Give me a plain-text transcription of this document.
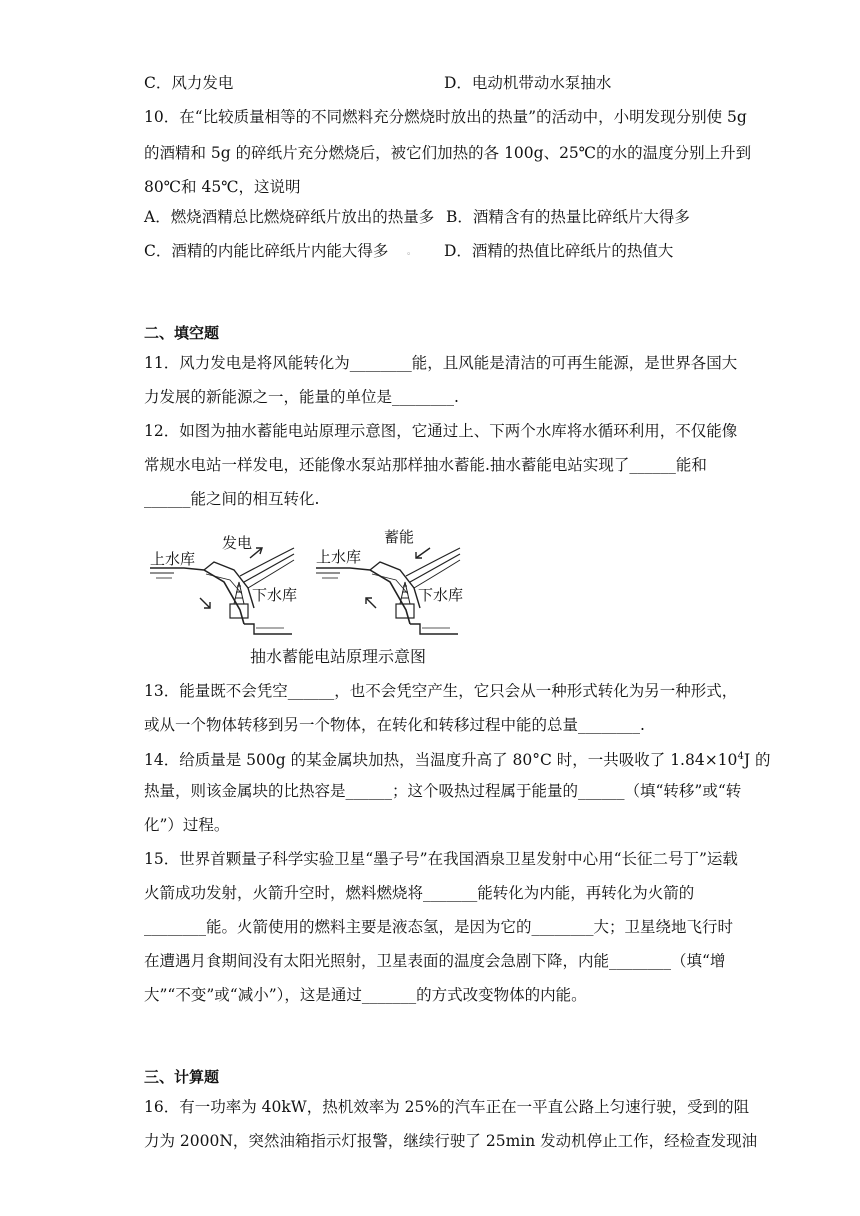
C．风力发电	D．电动机带动水泵抽水
10．在“比较质量相等的不同燃料充分燃烧时放出的热量”的活动中，小明发现分别使 5g
的酒精和 5g 的碎纸片充分燃烧后，被它们加热的各 100g、25℃的水的温度分别上升到
80℃和 45℃，这说明
A．燃烧酒精总比燃烧碎纸片放出的热量多 B．酒精含有的热量比碎纸片大得多
C．酒精的内能比碎纸片内能大得多 。 D．酒精的热值比碎纸片的热值大
二、填空题
11．风力发电是将风能转化为________能，且风能是清洁的可再生能源，是世界各国大
力发展的新能源之一，能量的单位是________.
12．如图为抽水蓄能电站原理示意图，它通过上、下两个水库将水循环利用，不仅能像
常规水电站一样发电，还能像水泵站那样抽水蓄能.抽水蓄能电站实现了______能和
______能之间的相互转化.
上水库
发电
下水库
上水库
蓄能
下水库
抽水蓄能电站原理示意图
13．能量既不会凭空______，也不会凭空产生，它只会从一种形式转化为另一种形式，
或从一个物体转移到另一个物体，在转化和转移过程中能的总量________.
14．给质量是 500g 的某金属块加热，当温度升高了 80°C 时，一共吸收了 $1.84\times 10^4J$ 的
热量，则该金属块的比热容是______；这个吸热过程属于能量的______（填“转移”或“转
化”）过程。
15．世界首颗量子科学实验卫星“墨子号”在我国酒泉卫星发射中心用“长征二号丁”运载
火箭成功发射，火箭升空时，燃料燃烧将_______能转化为内能，再转化为火箭的
________能。火箭使用的燃料主要是液态氢，是因为它的________大；卫星绕地飞行时
在遭遇月食期间没有太阳光照射，卫星表面的温度会急剧下降，内能________（填“增
大”“不变”或“减小”），这是通过_______的方式改变物体的内能。
三、计算题
16．有一功率为 40kW，热机效率为 25%的汽车正在一平直公路上匀速行驶，受到的阻
力为 2000N，突然油箱指示灯报警，继续行驶了 25min 发动机停止工作，经检查发现油
